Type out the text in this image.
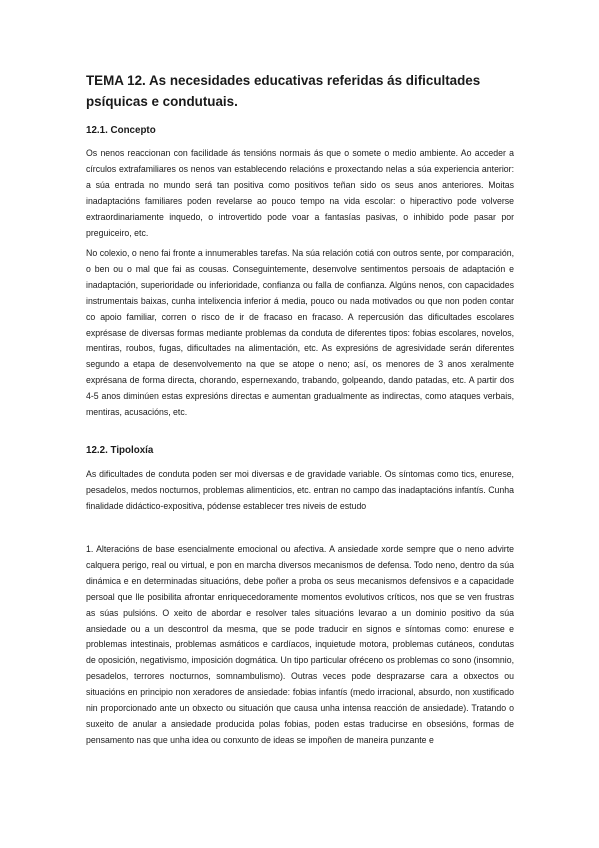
TEMA 12. As necesidades educativas referidas ás dificultades psíquicas e condutuais.
12.1. Concepto

Os nenos reaccionan con facilidade ás tensións normais ás que o somete o medio ambiente. Ao acceder a círculos extrafamiliares os nenos van establecendo relacións e proxectando nelas a súa experiencia anterior: a súa entrada no mundo será tan positiva como positivos teñan sido os seus anos anteriores. Moitas inadaptacións familiares poden revelarse ao pouco tempo na vida escolar: o hiperactivo pode volverse extraordinariamente inquedo, o introvertido pode voar a fantasías pasivas, o inhibido pode pasar por preguiceiro, etc.

No colexio, o neno fai fronte a innumerables tarefas. Na súa relación cotiá con outros sente, por comparación, o ben ou o mal que fai as cousas. Conseguintemente, desenvolve sentimentos persoais de adaptación e inadaptación, superioridade ou inferioridade, confianza ou falla de confianza. Algúns nenos, con capacidades instrumentais baixas, cunha intelixencia inferior á media, pouco ou nada motivados ou que non poden contar co apoio familiar, corren o risco de ir de fracaso en fracaso. A repercusión das dificultades escolares exprésase de diversas formas mediante problemas da conduta de diferentes tipos: fobias escolares, novelos, mentiras, roubos, fugas, dificultades na alimentación, etc. As expresións de agresividade serán diferentes segundo a etapa de desenvolvemento na que se atope o neno; así, os menores de 3 anos xeralmente exprésana de forma directa, chorando, espernexando, trabando, golpeando, dando patadas, etc. A partir dos 4-5 anos diminúen estas expresións directas e aumentan gradualmente as indirectas, como ataques verbais, mentiras, acusacións, etc.

12.2. Tipoloxía

As dificultades de conduta poden ser moi diversas e de gravidade variable. Os síntomas como tics, enurese, pesadelos, medos nocturnos, problemas alimenticios, etc. entran no campo das inadaptacións infantís. Cunha finalidade didáctico-expositiva, pódense establecer tres niveis de estudo

1. Alteracións de base esencialmente emocional ou afectiva. A ansiedade xorde sempre que o neno advirte calquera perigo, real ou virtual, e pon en marcha diversos mecanismos de defensa. Todo neno, dentro da súa dinámica e en determinadas situacións, debe poñer a proba os seus mecanismos defensivos e a capacidade persoal que lle posibilita afrontar enriquecedoramente momentos evolutivos críticos, nos que se ven frustras as súas pulsións. O xeito de abordar e resolver tales situacións levarao a un dominio positivo da súa ansiedade ou a un descontrol da mesma, que se pode traducir en signos e síntomas como: enurese e problemas intestinais, problemas asmáticos e cardíacos, inquietude motora, problemas cutáneos, condutas de oposición, negativismo, imposición dogmática. Un tipo particular ofréceno os problemas co sono (insomnio, pesadelos, terrores nocturnos, somnambulismo). Outras veces pode desprazarse cara a obxectos ou situacións en principio non xeradores de ansiedade: fobias infantís (medo irracional, absurdo, non xustificado nin proporcionado ante un obxecto ou situación que causa unha intensa reacción de ansiedade). Tratando o suxeito de anular a ansiedade producida polas fobias, poden estas traducirse en obsesións, formas de pensamento nas que unha idea ou conxunto de ideas se impoñen de maneira punzante e
